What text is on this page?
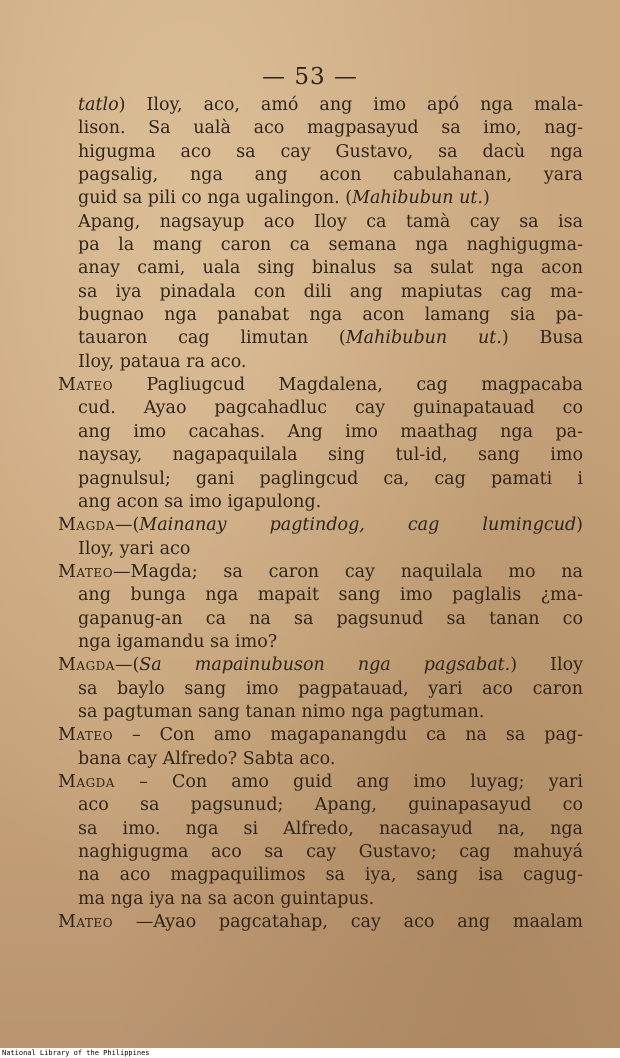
— 53 —
tatlo) Iloy, aco, amó ang imo apó nga mala-
lison. Sa ualà aco magpasayud sa imo, nag-
higugma aco sa cay Gustavo, sa dacù nga
pagsalig, nga ang acon cabulahanan, yara
guid sa pili co nga ugalingon. (Mahibubun ut.)
Apang, nagsayup aco Iloy ca tamà cay sa isa
pa la mang caron ca semana nga naghigugma-
anay cami, uala sing binalus sa sulat nga acon
sa iya pinadala con dili ang mapiutas cag ma-
bugnao nga panabat nga acon lamang sia pa-
tauaron cag limutan (Mahibubun ut.) Busa
Iloy, pataua ra aco.
Mateo Pagliugcud Magdalena, cag magpacaba
cud. Ayao pagcahadluc cay guinapatauad co
ang imo cacahas. Ang imo maathag nga pa-
naysay, nagapaquilala sing tul-id, sang imo
pagnulsul; gani paglingcud ca, cag pamati i
ang acon sa imo igapulong.
Magda—(Mainanay pagtindog, cag lumingcud)
Iloy, yari aco
Mateo—Magda; sa caron cay naquilala mo na
ang bunga nga mapait sang imo paglalis ¿ma-
gapanug-an ca na sa pagsunud sa tanan co
nga igamandu sa imo?
Magda—(Sa mapainubuson nga pagsabat.) Iloy
sa baylo sang imo pagpatauad, yari aco caron
sa pagtuman sang tanan nimo nga pagtuman.
Mateo – Con amo magapanangdu ca na sa pag-
bana cay Alfredo? Sabta aco.
Magda – Con amo guid ang imo luyag; yari
aco sa pagsunud; Apang, guinapasayud co
sa imo. nga si Alfredo, nacasayud na, nga
naghigugma aco sa cay Gustavo; cag mahuyá
na aco magpaquilimos sa iya, sang isa cagug-
ma nga iya na sa acon guintapus.
Mateo —Ayao pagcatahap, cay aco ang maalam
National Library of the Philippines
